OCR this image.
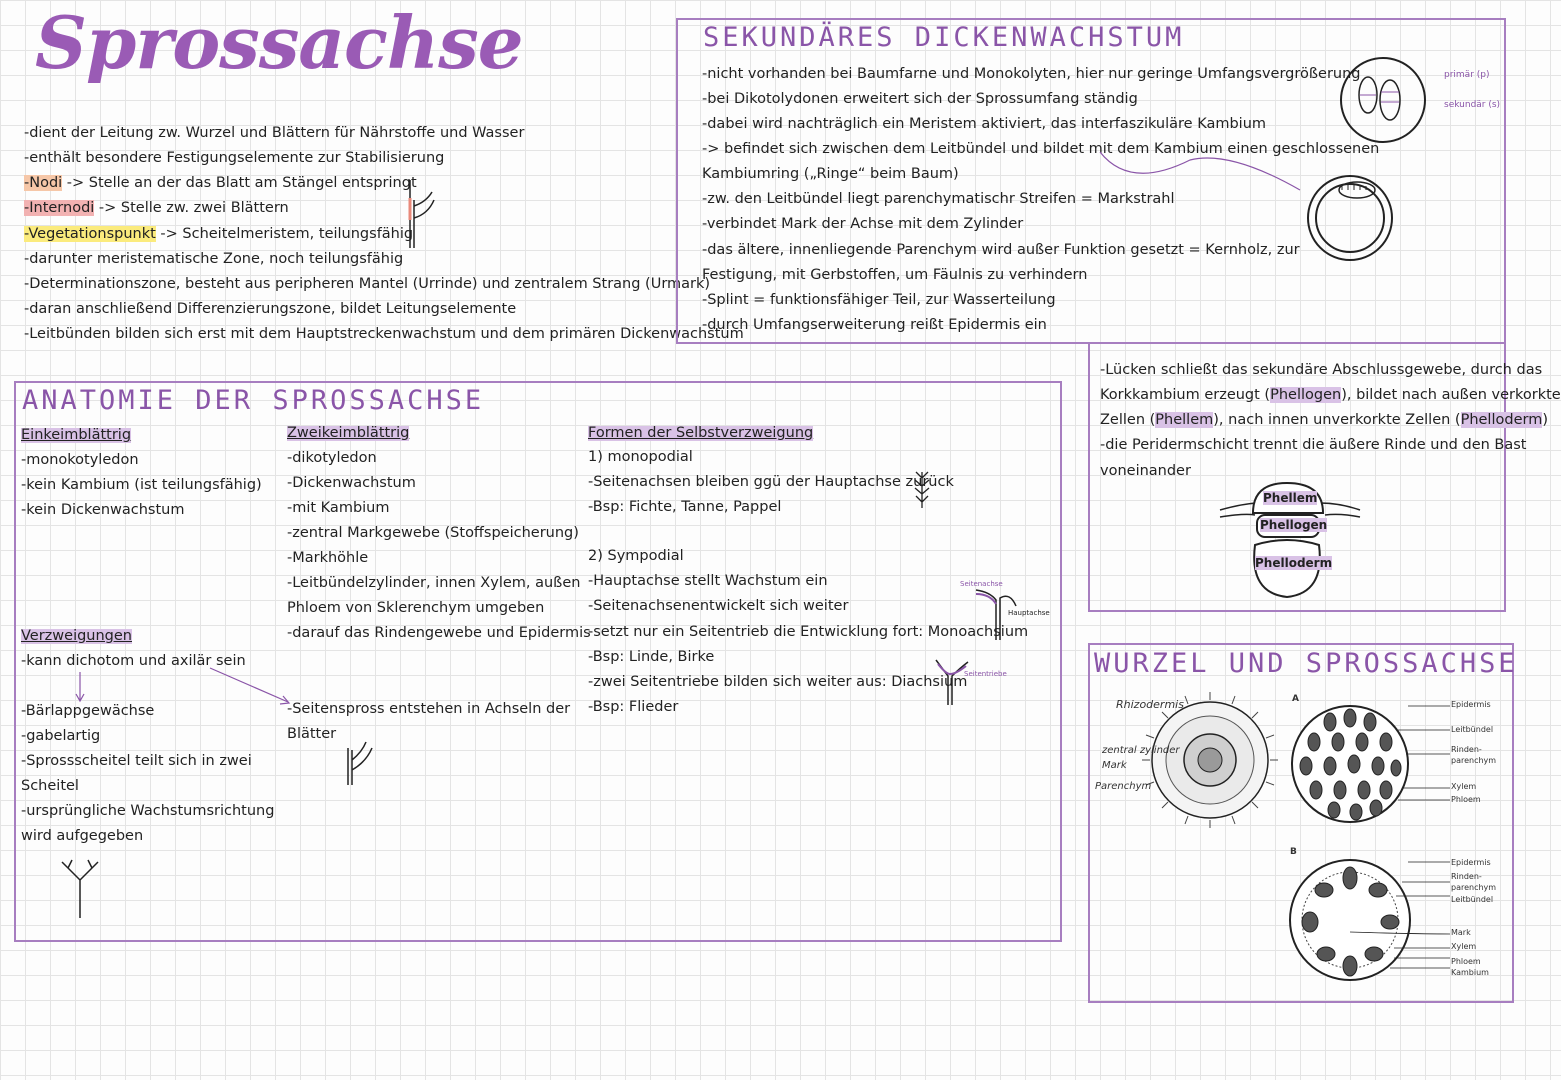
Sprossachse
-dient der Leitung zw. Wurzel und Blättern für Nährstoffe und Wasser
-enthält besondere Festigungselemente zur Stabilisierung
-Nodi -> Stelle an der das Blatt am Stängel entspringt
-Internodi -> Stelle zw. zwei Blättern
-Vegetationspunkt -> Scheitelmeristem, teilungsfähig
-darunter meristematische Zone, noch teilungsfähig
-Determinationszone, besteht aus peripheren Mantel (Urrinde) und zentralem Strang (Urmark)
-daran anschließend Differenzierungszone, bildet Leitungselemente
-Leitbünden bilden sich erst mit dem Hauptstreckenwachstum und dem primären Dickenwachstum
SEKUNDÄRES DICKENWACHSTUM
-nicht vorhanden bei Baumfarne und Monokolyten, hier nur geringe Umfangsvergrößerung
-bei Dikotolydonen erweitert sich der Sprossumfang ständig
-dabei wird nachträglich ein Meristem aktiviert, das interfaszikuläre Kambium
-> befindet sich zwischen dem Leitbündel und bildet mit dem Kambium einen geschlossenen
Kambiumring („Ringe“ beim Baum)
-zw. den Leitbündel liegt parenchymatischr Streifen = Markstrahl
-verbindet Mark der Achse mit dem Zylinder
-das ältere, innenliegende Parenchym wird außer Funktion gesetzt = Kernholz, zur
Festigung, mit Gerbstoffen, um Fäulnis zu verhindern
-Splint = funktionsfähiger Teil, zur Wasserteilung
-durch Umfangserweiterung reißt Epidermis ein
primär (p)
sekundär (s)
-Lücken schließt das sekundäre Abschlussgewebe, durch das
Korkkambium erzeugt (Phellogen), bildet nach außen verkorkte
Zellen (Phellem), nach innen unverkorkte Zellen (Phelloderm)
-die Peridermschicht trennt die äußere Rinde und den Bast
voneinander
Phellem
Phellogen
Phelloderm
ANATOMIE DER SPROSSACHSE
Einkeimblättrig
-monokotyledon
-kein Kambium (ist teilungsfähig)
-kein Dickenwachstum
Zweikeimblättrig
-dikotyledon
-Dickenwachstum
-mit Kambium
-zentral Markgewebe (Stoffspeicherung)
-Markhöhle
-Leitbündelzylinder, innen Xylem, außen
Phloem von Sklerenchym umgeben
-darauf das Rindengewebe und Epidermis
Verzweigungen
-kann dichotom und axilär sein
-Bärlappgewächse
-gabelartig
-Sprossscheitel teilt sich in zwei
Scheitel
-ursprüngliche Wachstumsrichtung
wird aufgegeben
-Seitenspross entstehen in Achseln der
Blätter
Formen der Selbstverzweigung
1) monopodial
-Seitenachsen bleiben ggü der Hauptachse zurück
-Bsp: Fichte, Tanne, Pappel
2) Sympodial
-Hauptachse stellt Wachstum ein
-Seitenachsenentwickelt sich weiter
-setzt nur ein Seitentrieb die Entwicklung fort: Monoachsium
-Bsp: Linde, Birke
-zwei Seitentriebe bilden sich weiter aus: Diachsium
-Bsp: Flieder
Seitenachse
Hauptachse
Seitentriebe	WURZEL UND SPROSSACHSE
Rhizodermis
zentral zylinder
Mark
Parenchym
A
Epidermis
Leitbündel
Rinden-
parenchym
Xylem
Phloem
B
Epidermis
Rinden-
parenchym
Leitbündel
Mark
Xylem
Phloem
Kambium
